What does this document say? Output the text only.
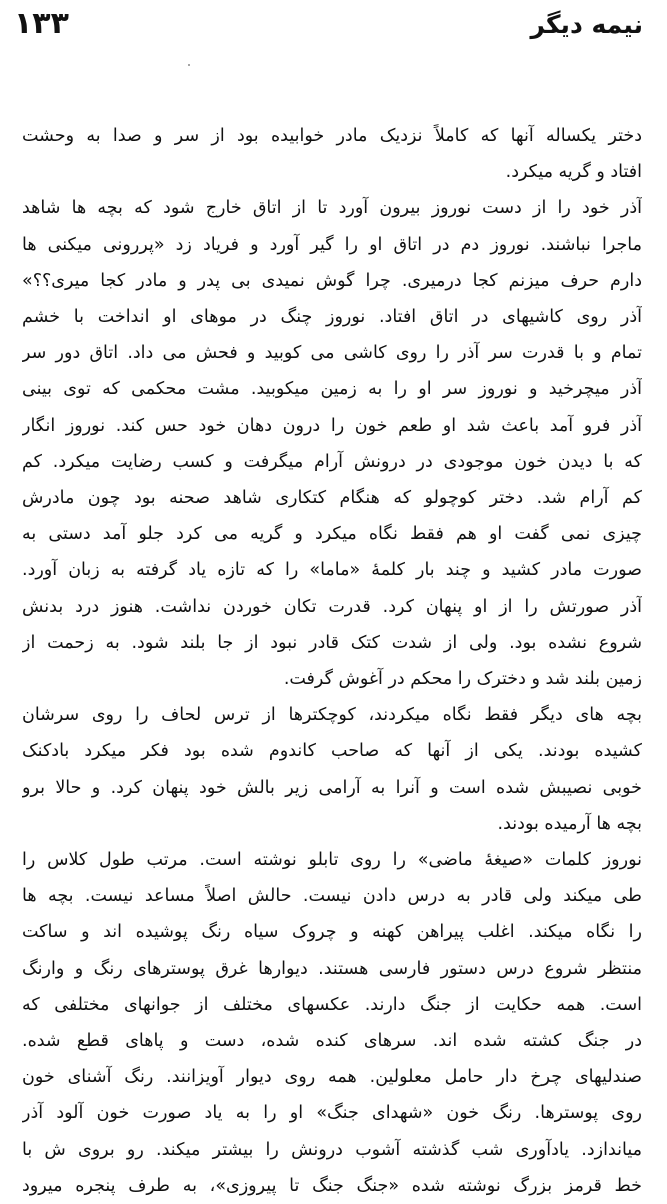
۱۳۳	نیمه دیگر
دختر یکساله آنها که کاملاً نزدیک مادر خوابیده بود از سر و صدا به وحشت
افتاد و گریه میکرد.
آذر خود را از دست نوروز بیرون آورد تا از اتاق خارج شود که بچه ها شاهد
ماجرا نباشند. نوروز دم در اتاق او را گیر آورد و فریاد زد «پررونی میکنی ها
دارم حرف میزنم کجا درمیری. چرا گوش نمیدی بی پدر و مادر کجا میری؟؟»
آذر روی کاشیهای در اتاق افتاد. نوروز چنگ در موهای او انداخت با خشم
تمام و با قدرت سر آذر را روی کاشی می کوبید و فحش می داد. اتاق دور سر
آذر میچرخید و نوروز سر او را به زمین میکوبید. مشت محکمی که توی بینی
آذر فرو آمد باعث شد او طعم خون را درون دهان خود حس کند. نوروز انگار
که با دیدن خون موجودی در درونش آرام میگرفت و کسب رضایت میکرد. کم
کم آرام شد. دختر کوچولو که هنگام کتکاری شاهد صحنه بود چون مادرش
چیزی نمی گفت او هم فقط نگاه میکرد و گریه می کرد جلو آمد دستی به
صورت مادر کشید و چند بار کلمهٔ «ماما» را که تازه یاد گرفته به زبان آورد.
آذر صورتش را از او پنهان کرد. قدرت تکان خوردن نداشت. هنوز درد بدنش
شروع نشده بود. ولی از شدت کتک قادر نبود از جا بلند شود. به زحمت از
زمین بلند شد و دخترک را محکم در آغوش گرفت.
بچه های دیگر فقط نگاه میکردند، کوچکترها از ترس لحاف را روی سرشان
کشیده بودند. یکی از آنها که صاحب کاندوم شده بود فکر میکرد بادکنک
خوبی نصیبش شده است و آنرا به آرامی زیر بالش خود پنهان کرد. و حالا برو
بچه ها آرمیده بودند.
نوروز کلمات «صیغهٔ ماضی» را روی تابلو نوشته است. مرتب طول کلاس را
طی میکند ولی قادر به درس دادن نیست. حالش اصلاً مساعد نیست. بچه ها
را نگاه میکند. اغلب پیراهن کهنه و چروک سیاه رنگ پوشیده اند و ساکت
منتظر شروع درس دستور فارسی هستند. دیوارها غرق پوسترهای رنگ و وارنگ
است. همه حکایت از جنگ دارند. عکسهای مختلف از جوانهای مختلفی که
در جنگ کشته شده اند. سرهای کنده شده، دست و پاهای قطع شده.
صندلیهای چرخ دار حامل معلولین. همه روی دیوار آویزانند. رنگ آشنای خون
روی پوسترها. رنگ خون «شهدای جنگ» او را به یاد صورت خون آلود آذر
میاندازد. یادآوری شب گذشته آشوب درونش را بیشتر میکند. رو بروی ش با
خط قرمز بزرگ نوشته شده «جنگ جنگ تا پیروزی»، به طرف پنجره میرود
